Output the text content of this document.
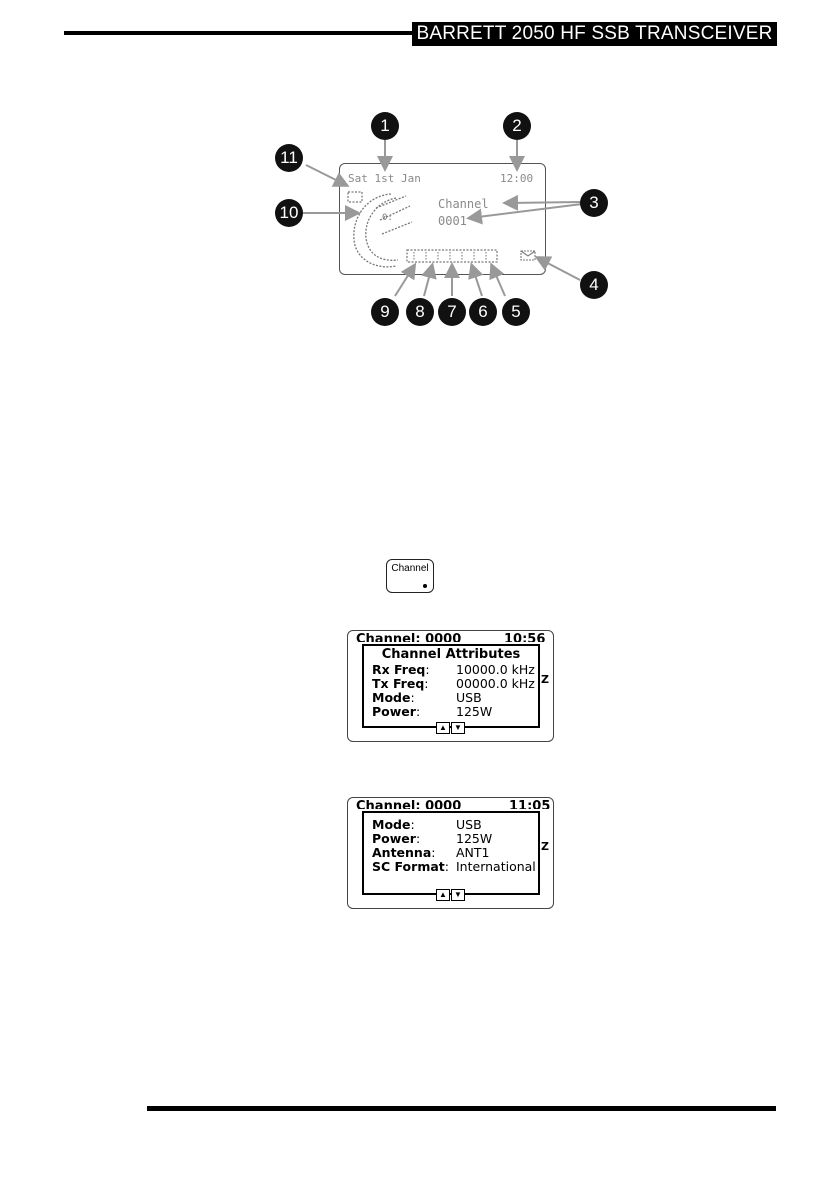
BARRETT 2050 HF SSB TRANSCEIVER
Sat 1st Jan	12:00
Channel
0001
0:
1	2
3
4
5
6
7
8
9
10
11
Channel
Channel: 0000	10:56
Z
Channel Attributes
Rx Freq: 10000.0 kHz
Tx Freq: 00000.0 kHz
Mode:	USB
Power:	125W
▲ ▼
Channel: 0000	11:05
Z
Mode:	USB
Power:	125W
Antenna: ANT1
SC Format: International
▲ ▼
